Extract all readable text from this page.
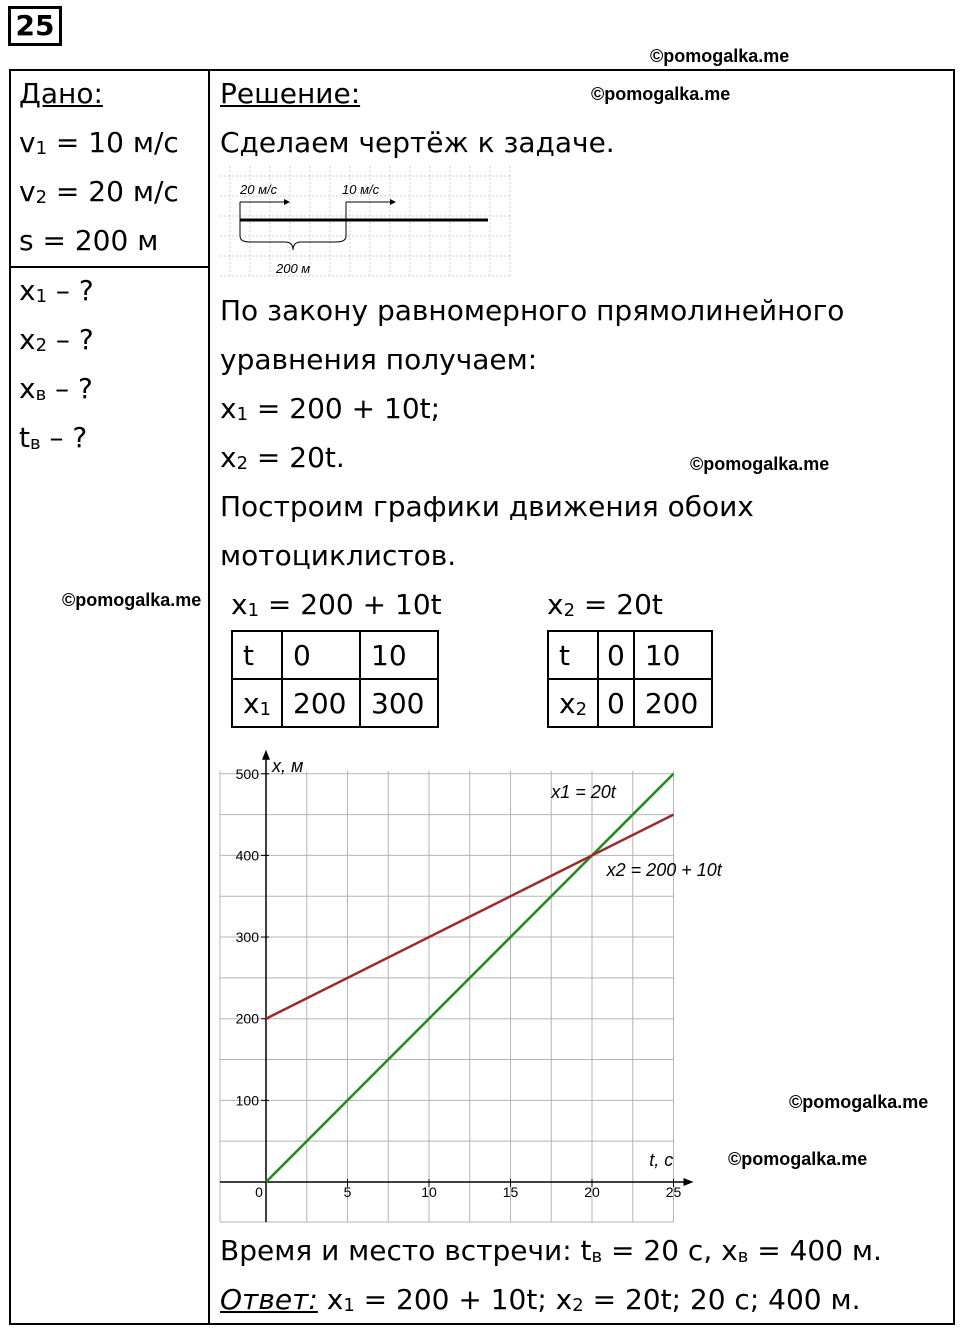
25
©pomogalka.me
©pomogalka.me
©pomogalka.me
©pomogalka.me
©pomogalka.me
©pomogalka.me
Дано:
$v_1 = 10$ м/с
$v_2 = 20$ м/с
s = 200 м
$x_1$ – ?
$x_2$ – ?
$x_в$ – ?
$t_в$ – ?
Решение:
Сделаем чертёж к задаче.
20 м/с	10 м/с
200 м
По закону равномерного прямолинейного
уравнения получаем:
$x_1 = 200 + 10t$;
$x_2 = 20t$.
Построим графики движения обоих
мотоциклистов.
$x_1 = 200 + 10t$
t	0	10
$x_1$	200	300
$x_2 = 20t$
t	0	10
$x_2$	0	200
100
200
300
400
500
0	5	10	15	20	25
x, м
t, с
x1 = 20t
x2 = 200 + 10t
Время и место встречи: $t_в = 20$ с, $x_в = 400$ м.
Ответ: $x_1 = 200 + 10t$; $x_2 = 20t$; 20 с; 400 м.
